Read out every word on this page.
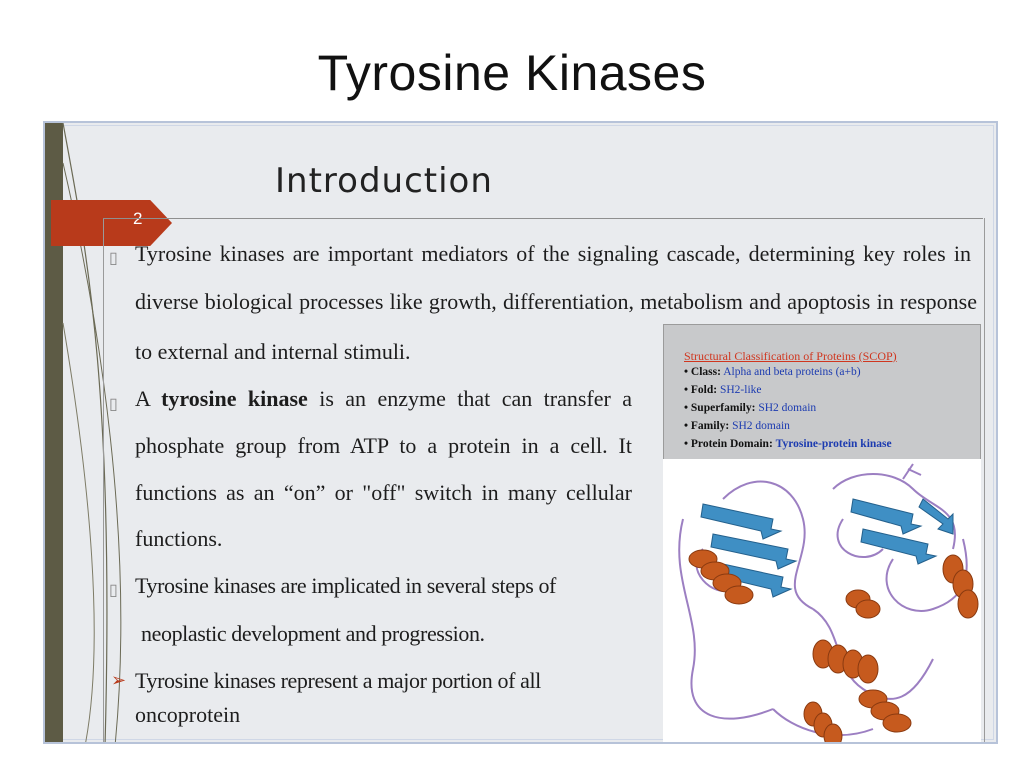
Tyrosine Kinases
Introduction
▯ Tyrosine kinases are important mediators of the signaling cascade, determining key roles in
diverse biological processes like growth, differentiation, metabolism and apoptosis in response
to external and internal stimuli.
▯ A tyrosine kinase is an enzyme that can transfer a
phosphate group from ATP to a protein in a cell. It
functions as an “on” or "off" switch in many cellular
functions.
▯ Tyrosine kinases are implicated in several steps of
neoplastic development and progression.
➢ Tyrosine kinases represent a major portion of all
oncoprotein
Structural Classification of Proteins (SCOP)
• Class: Alpha and beta proteins (a+b)
• Fold: SH2-like
• Superfamily: SH2 domain
• Family: SH2 domain
• Protein Domain: Tyrosine-protein kinase
